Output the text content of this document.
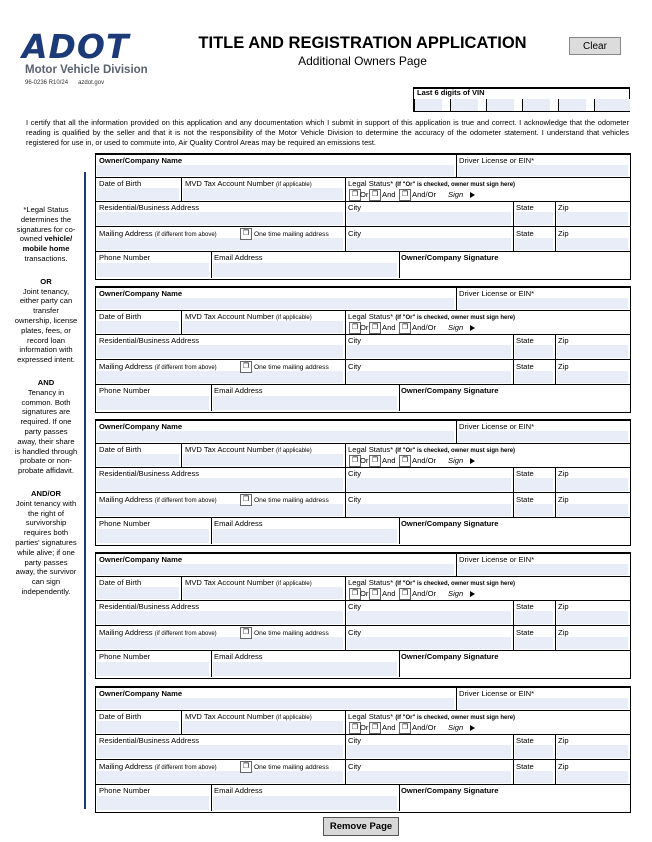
ADOT
Motor Vehicle Division
96-0236 R10/24 azdot.gov
TITLE AND REGISTRATION APPLICATION
Additional Owners Page
Clear
Last 6 digits of VIN
I certify that all the information provided on this application and any documentation which I submit in support of this application is true and correct. I acknowledge that the odometer reading is qualified by the seller and that it is not the responsibility of the Motor Vehicle Division to determine the accuracy of the odometer statement. I understand that vehicles registered for use in, or used to commute into, Air Quality Control Areas may be required an emissions test.

*Legal Status determines the signatures for co-owned vehicle/ mobile home transactions.

OR
Joint tenancy, either party can transfer ownership, license plates, fees, or record loan information with expressed intent.

AND
Tenancy in common. Both signatures are required. If one party passes away, their share is handled through probate or non-probate affidavit.

AND/OR
Joint tenancy with the right of survivorship requires both parties' signatures while alive; if one party passes away, the survivor can sign independently.

Owner/Company Name	Driver License or EIN*
Date of Birth	MVD Tax Account Number (if applicable)	Legal Status* (If "Or" is checked, owner must sign here)
❐ Or ❐ And ❐ And/Or Sign
Residential/Business Address	City	State	Zip
Mailing Address (if different from above)	❐ One time mailing address	City	State	Zip
Phone Number	Email Address	Owner/Company Signature
Owner/Company Name	Driver License or EIN*
Date of Birth	MVD Tax Account Number (if applicable)	Legal Status* (If "Or" is checked, owner must sign here)
❐ Or ❐ And ❐ And/Or Sign
Residential/Business Address	City	State	Zip
Mailing Address (if different from above)	❐ One time mailing address	City	State	Zip
Phone Number	Email Address	Owner/Company Signature
Owner/Company Name	Driver License or EIN*
Date of Birth	MVD Tax Account Number (if applicable)	Legal Status* (If "Or" is checked, owner must sign here)
❐ Or ❐ And ❐ And/Or Sign
Residential/Business Address	City	State	Zip
Mailing Address (if different from above)	❐ One time mailing address	City	State	Zip
Phone Number	Email Address	Owner/Company Signature
Owner/Company Name	Driver License or EIN*
Date of Birth	MVD Tax Account Number (if applicable)	Legal Status* (If "Or" is checked, owner must sign here)
❐ Or ❐ And ❐ And/Or Sign
Residential/Business Address	City	State	Zip
Mailing Address (if different from above)	❐ One time mailing address	City	State	Zip
Phone Number	Email Address	Owner/Company Signature
Owner/Company Name	Driver License or EIN*
Date of Birth	MVD Tax Account Number (if applicable)	Legal Status* (If "Or" is checked, owner must sign here)
❐ Or ❐ And ❐ And/Or Sign
Residential/Business Address	City	State	Zip
Mailing Address (if different from above)	❐ One time mailing address	City	State	Zip
Phone Number	Email Address	Owner/Company Signature
Remove Page
